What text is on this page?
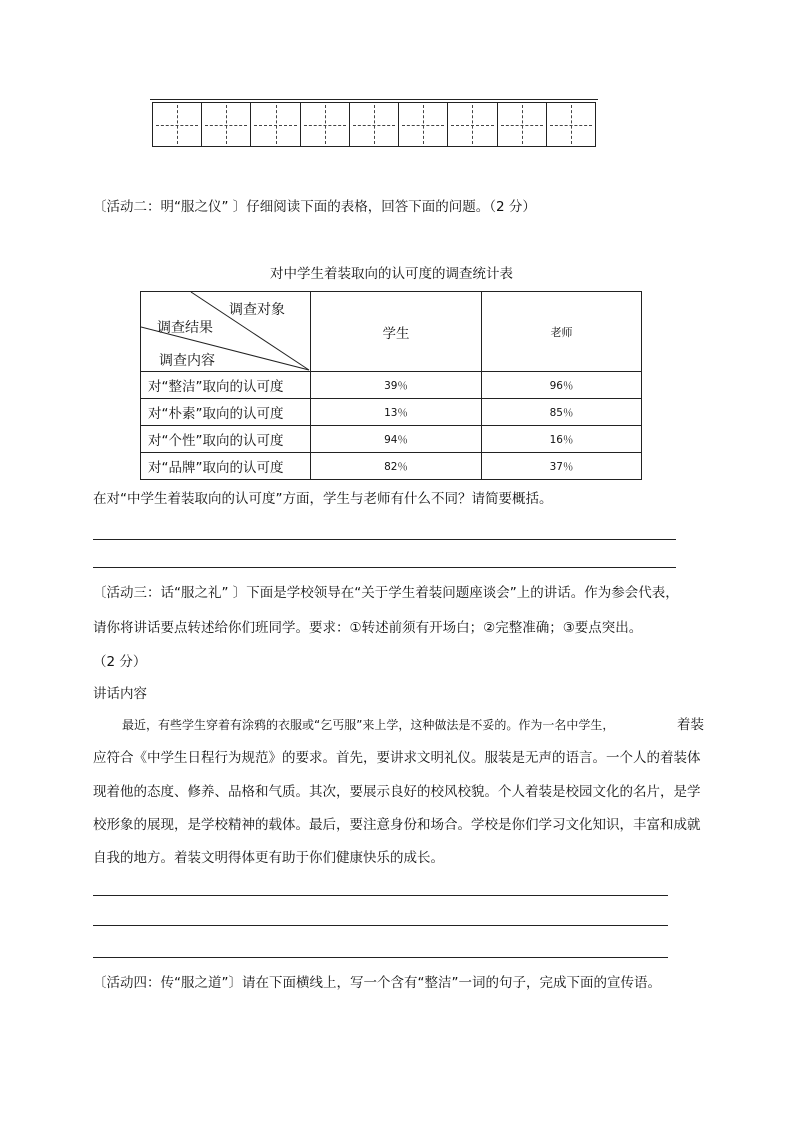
〔活动二：明“服之仪” 〕仔细阅读下面的表格，回答下面的问题。（2 分）
对中学生着装取向的认可度的调查统计表
调查对象
调查结果
调查内容	学生	老师
对“整洁”取向的认可度	39％	96％
对“朴素”取向的认可度	13％	85％
对“个性”取向的认可度	94％	16％
对“品牌”取向的认可度	82％	37％
在对“中学生着装取向的认可度”方面，学生与老师有什么不同？请简要概括。
〔活动三：话“服之礼” 〕下面是学校领导在“关于学生着装问题座谈会”上的讲话。作为参会代表，
请你将讲话要点转述给你们班同学。要求：①转述前须有开场白；②完整准确；③要点突出。
（2 分）
讲话内容
最近，有些学生穿着有涂鸦的衣服或“乞丐服”来上学，这种做法是不妥的。作为一名中学生，	着装
应符合《中学生日程行为规范》的要求。首先，要讲求文明礼仪。服装是无声的语言。一个人的着装体
现着他的态度、修养、品格和气质。其次，要展示良好的校风校貌。个人着装是校园文化的名片，是学
校形象的展现，是学校精神的载体。最后，要注意身份和场合。学校是你们学习文化知识，丰富和成就
自我的地方。着装文明得体更有助于你们健康快乐的成长。
〔活动四：传“服之道”〕请在下面横线上，写一个含有“整洁”一词的句子，完成下面的宣传语。
